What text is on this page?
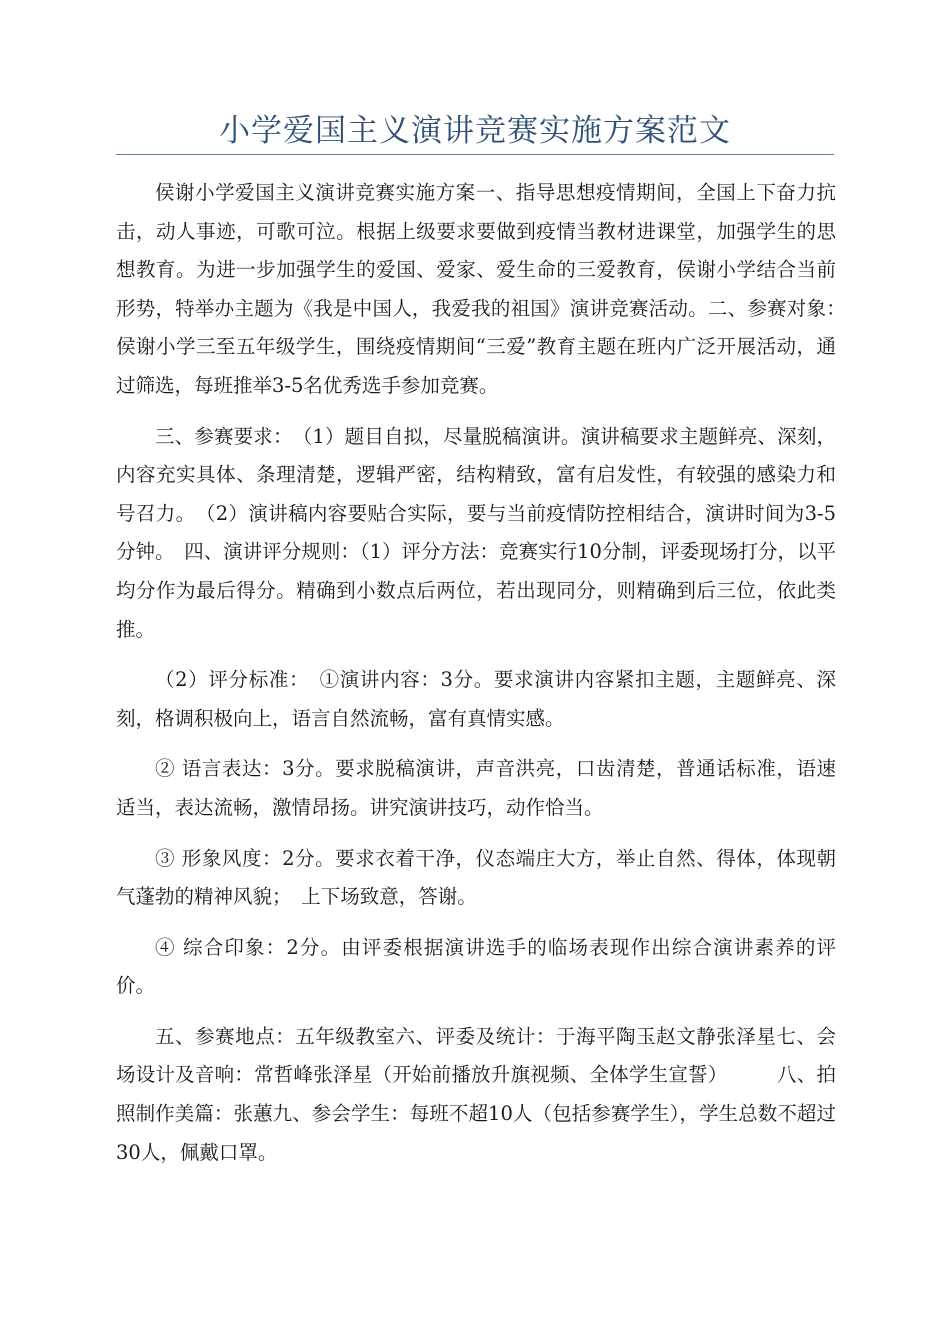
小学爱国主义演讲竞赛实施方案范文

侯谢小学爱国主义演讲竞赛实施方案一、指导思想疫情期间，全国上下奋力抗击，动人事迹，可歌可泣。根据上级要求要做到疫情当教材进课堂，加强学生的思想教育。为进一步加强学生的爱国、爱家、爱生命的三爱教育，侯谢小学结合当前形势，特举办主题为《我是中国人，我爱我的祖国》演讲竞赛活动。二、参赛对象：　侯谢小学三至五年级学生，围绕疫情期间“三爱”教育主题在班内广泛开展活动，通过筛选，每班推举3-5名优秀选手参加竞赛。

三、参赛要求：　（1）题目自拟，尽量脱稿演讲。演讲稿要求主题鲜亮、深刻，内容充实具体、条理清楚，逻辑严密，结构精致，富有启发性，有较强的感染力和号召力。　（2）演讲稿内容要贴合实际，要与当前疫情防控相结合，演讲时间为3-5分钟。　四、演讲评分规则：（1）评分方法：竞赛实行10分制，评委现场打分，以平均分作为最后得分。精确到小数点后两位，若出现同分，则精确到后三位，依此类推。

（2）评分标准：　①演讲内容：3分。要求演讲内容紧扣主题，主题鲜亮、深刻，格调积极向上，语言自然流畅，富有真情实感。

② 语言表达：3分。要求脱稿演讲，声音洪亮，口齿清楚，普通话标准，语速适当，表达流畅，激情昂扬。讲究演讲技巧，动作恰当。

③ 形象风度：2分。要求衣着干净，仪态端庄大方，举止自然、得体，体现朝气蓬勃的精神风貌；　上下场致意，答谢。

④ 综合印象：2分。由评委根据演讲选手的临场表现作出综合演讲素养的评价。

五、参赛地点：五年级教室六、评委及统计：于海平陶玉赵文静张泽星七、会场设计及音响：常哲峰张泽星（开始前播放升旗视频、全体学生宣誓）　　　八、拍照制作美篇：张蕙九、参会学生：每班不超10人（包括参赛学生），学生总数不超过30人，佩戴口罩。
